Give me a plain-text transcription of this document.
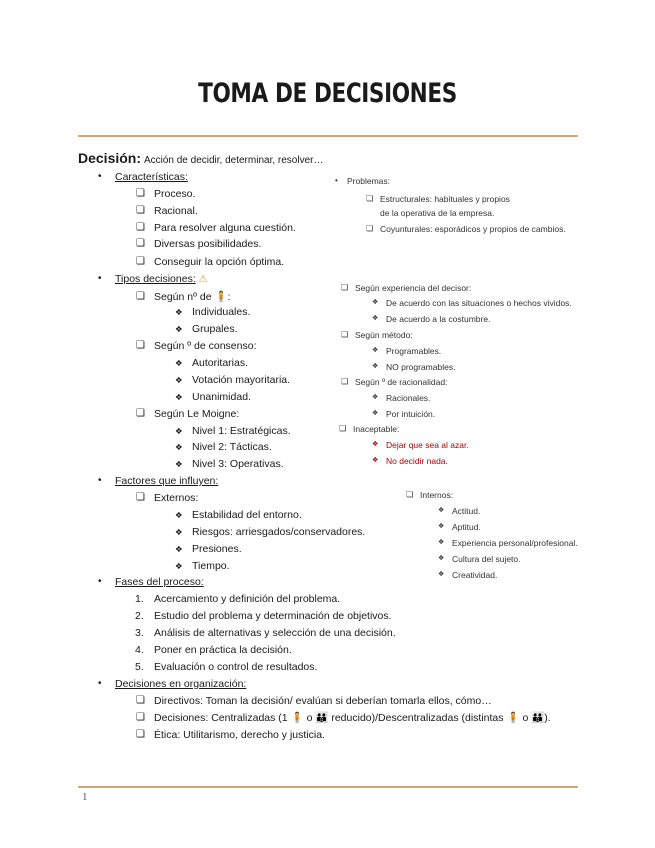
TOMA DE DECISIONES
Decisión: Acción de decidir, determinar, resolver…
• Características:
❏ Proceso.
❏ Racional.
❏ Para resolver alguna cuestión.
❏ Diversas posibilidades.
❏ Conseguir la opción óptima.
• Problemas:
❏ Estructurales: habituales y propios
de la operativa de la empresa.
❏ Coyunturales: esporádicos y propios de cambios.
• Tipos decisiones: ⚠
❏ Según nº de 🧍:
❖ Individuales.
❖ Grupales.
❏ Según º de consenso:
❖ Autoritarias.
❖ Votación mayoritaria.
❖ Unanimidad.
❏ Según Le Moigne:
❖ Nivel 1: Estratégicas.
❖ Nivel 2: Tácticas.
❖ Nivel 3: Operativas.
❏ Según experiencia del decisor:
❖ De acuerdo con las situaciones o hechos vividos.
❖ De acuerdo a la costumbre.
❏ Según método:
❖ Programables.
❖ NO programables.
❏ Según º de racionalidad:
❖ Racionales.
❖ Por intuición.
❏ Inaceptable:
❖ Dejar que sea al azar.
❖ No decidir nada.
• Factores que influyen:
❏ Externos:
❖ Estabilidad del entorno.
❖ Riesgos: arriesgados/conservadores.
❖ Presiones.
❖ Tiempo.
❏ Internos:
❖ Actitud.
❖ Aptitud.
❖ Experiencia personal/profesional.
❖ Cultura del sujeto.
❖ Creatividad.
• Fases del proceso:
1. Acercamiento y definición del problema.
2. Estudio del problema y determinación de objetivos.
3. Análisis de alternativas y selección de una decisión.
4. Poner en práctica la decisión.
5. Evaluación o control de resultados.
• Decisiones en organización:
❏ Directivos: Toman la decisión/ evalúan si deberían tomarla ellos, cómo…
❏ Decisiones: Centralizadas (1 🧍 o 👪 reducido)/Descentralizadas (distintas 🧍 o 👪).
❏ Ética: Utilitarismo, derecho y justicia.
1
